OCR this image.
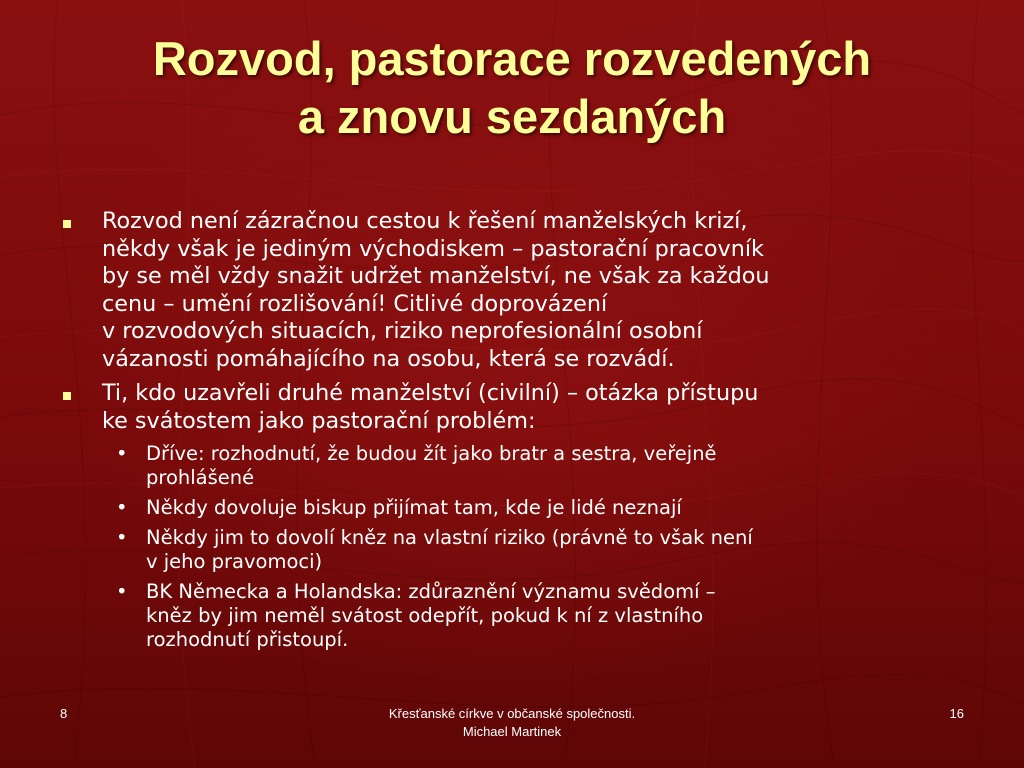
Rozvod, pastorace rozvedených
a znovu sezdaných
Rozvod není zázračnou cestou k řešení manželských krizí,
někdy však je jediným východiskem – pastorační pracovník
by se měl vždy snažit udržet manželství, ne však za každou
cenu – umění rozlišování! Citlivé doprovázení
v rozvodových situacích, riziko neprofesionální osobní
vázanosti pomáhajícího na osobu, která se rozvádí.
Ti, kdo uzavřeli druhé manželství (civilní) – otázka přístupu
ke svátostem jako pastorační problém:
• Dříve: rozhodnutí, že budou žít jako bratr a sestra, veřejně
prohlášené
• Někdy dovoluje biskup přijímat tam, kde je lidé neznají
• Někdy jim to dovolí kněz na vlastní riziko (právně to však není
v jeho pravomoci)
• BK Německa a Holandska: zdůraznění významu svědomí –
kněz by jim neměl svátost odepřít, pokud k ní z vlastního
rozhodnutí přistoupí.
8	Křesťanské církve v občanské společnosti.
Michael Martinek
16
